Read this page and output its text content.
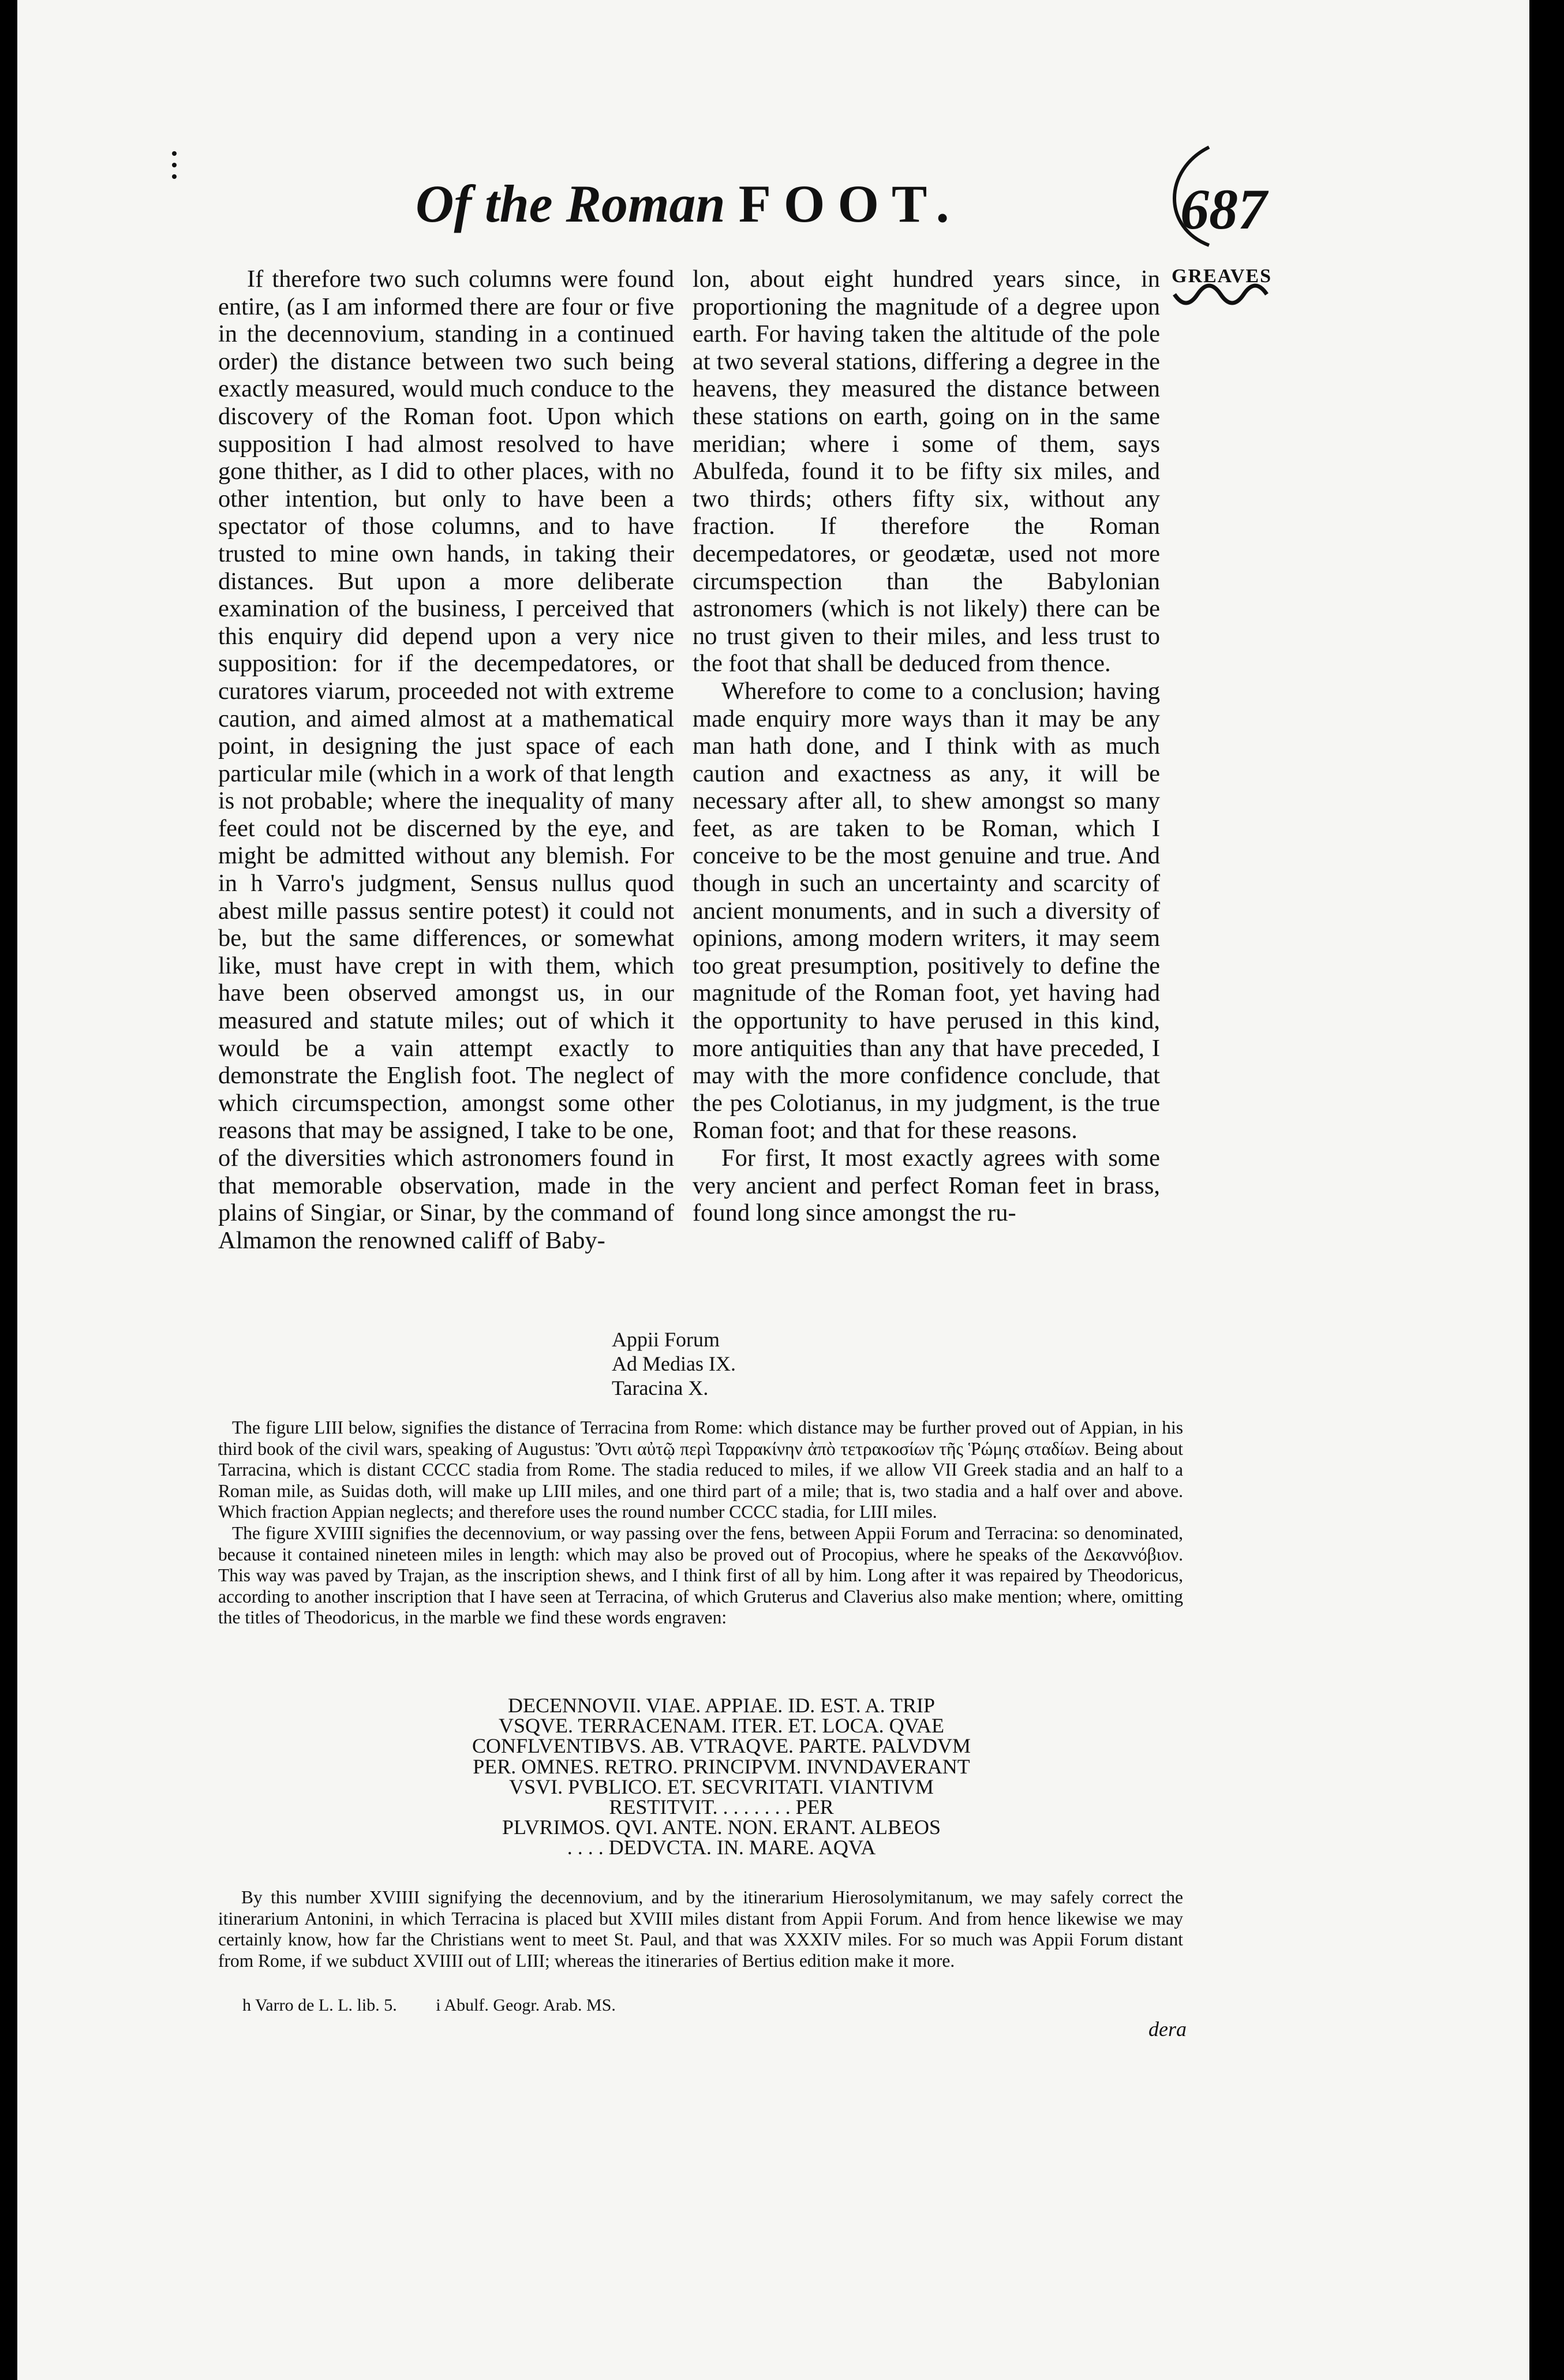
Of the Roman FOOT.	687

If therefore two such columns were found entire, (as I am informed there are four or five in the decennovium, standing in a continued order) the distance between two such being exactly measured, would much conduce to the discovery of the Roman foot. Upon which supposition I had almost resolved to have gone thither, as I did to other places, with no other intention, but only to have been a spectator of those columns, and to have trusted to mine own hands, in taking their distances. But upon a more deliberate examination of the business, I perceived that this enquiry did depend upon a very nice supposition: for if the decempedatores, or curatores viarum, proceeded not with extreme caution, and aimed almost at a mathematical point, in designing the just space of each particular mile (which in a work of that length is not probable; where the inequality of many feet could not be discerned by the eye, and might be admitted without any blemish. For in h Varro's judgment, Sensus nullus quod abest mille passus sentire potest) it could not be, but the same differences, or somewhat like, must have crept in with them, which have been observed amongst us, in our measured and statute miles; out of which it would be a vain attempt exactly to demonstrate the English foot. The neglect of which circumspection, amongst some other reasons that may be assigned, I take to be one, of the diversities which astronomers found in that memorable observation, made in the plains of Singiar, or Sinar, by the command of Almamon the renowned califf of Baby-

lon, about eight hundred years since, in proportioning the magnitude of a degree upon earth. For having taken the altitude of the pole at two several stations, differing a degree in the heavens, they measured the distance between these stations on earth, going on in the same meridian; where i some of them, says Abulfeda, found it to be fifty six miles, and two thirds; others fifty six, without any fraction. If therefore the Roman decempedatores, or geodætæ, used not more circumspection than the Babylonian astronomers (which is not likely) there can be no trust given to their miles, and less trust to the foot that shall be deduced from thence.

Wherefore to come to a conclusion; having made enquiry more ways than it may be any man hath done, and I think with as much caution and exactness as any, it will be necessary after all, to shew amongst so many feet, as are taken to be Roman, which I conceive to be the most genuine and true. And though in such an uncertainty and scarcity of ancient monuments, and in such a diversity of opinions, among modern writers, it may seem too great presumption, positively to define the magnitude of the Roman foot, yet having had the opportunity to have perused in this kind, more antiquities than any that have preceded, I may with the more confidence conclude, that the pes Colotianus, in my judgment, is the true Roman foot; and that for these reasons.

For first, It most exactly agrees with some very ancient and perfect Roman feet in brass, found long since amongst the ru-

GREAVES
Appii Forum
Ad Medias IX.
Taracina X.

The figure LIII below, signifies the distance of Terracina from Rome: which distance may be further proved out of Appian, in his third book of the civil wars, speaking of Augustus: Ὄντι αὐτῷ περὶ Ταρρακίνην ἀπὸ τετρακοσίων τῆς Ῥώμης σταδίων. Being about Tarracina, which is distant CCCC stadia from Rome. The stadia reduced to miles, if we allow VII Greek stadia and an half to a Roman mile, as Suidas doth, will make up LIII miles, and one third part of a mile; that is, two stadia and a half over and above. Which fraction Appian neglects; and therefore uses the round number CCCC stadia, for LIII miles.

The figure XVIIII signifies the decennovium, or way passing over the fens, between Appii Forum and Terracina: so denominated, because it contained nineteen miles in length: which may also be proved out of Procopius, where he speaks of the Δεκαννόβιον. This way was paved by Trajan, as the inscription shews, and I think first of all by him. Long after it was repaired by Theodoricus, according to another inscription that I have seen at Terracina, of which Gruterus and Claverius also make mention; where, omitting the titles of Theodoricus, in the marble we find these words engraven:

DECENNOVII. VIAE. APPIAE. ID. EST. A. TRIP
VSQVE. TERRACENAM. ITER. ET. LOCA. QVAE
CONFLVENTIBVS. AB. VTRAQVE. PARTE. PALVDVM
PER. OMNES. RETRO. PRINCIPVM. INVNDAVERANT
VSVI. PVBLICO. ET. SECVRITATI. VIANTIVM
RESTITVIT. . . . . . . . PER
PLVRIMOS. QVI. ANTE. NON. ERANT. ALBEOS
. . . . DEDVCTA. IN. MARE. AQVA

By this number XVIIII signifying the decennovium, and by the itinerarium Hierosolymitanum, we may safely correct the itinerarium Antonini, in which Terracina is placed but XVIII miles distant from Appii Forum. And from hence likewise we may certainly know, how far the Christians went to meet St. Paul, and that was XXXIV miles. For so much was Appii Forum distant from Rome, if we subduct XVIIII out of LIII; whereas the itineraries of Bertius edition make it more.

h Varro de L. L. lib. 5. i Abulf. Geogr. Arab. MS.
dera
